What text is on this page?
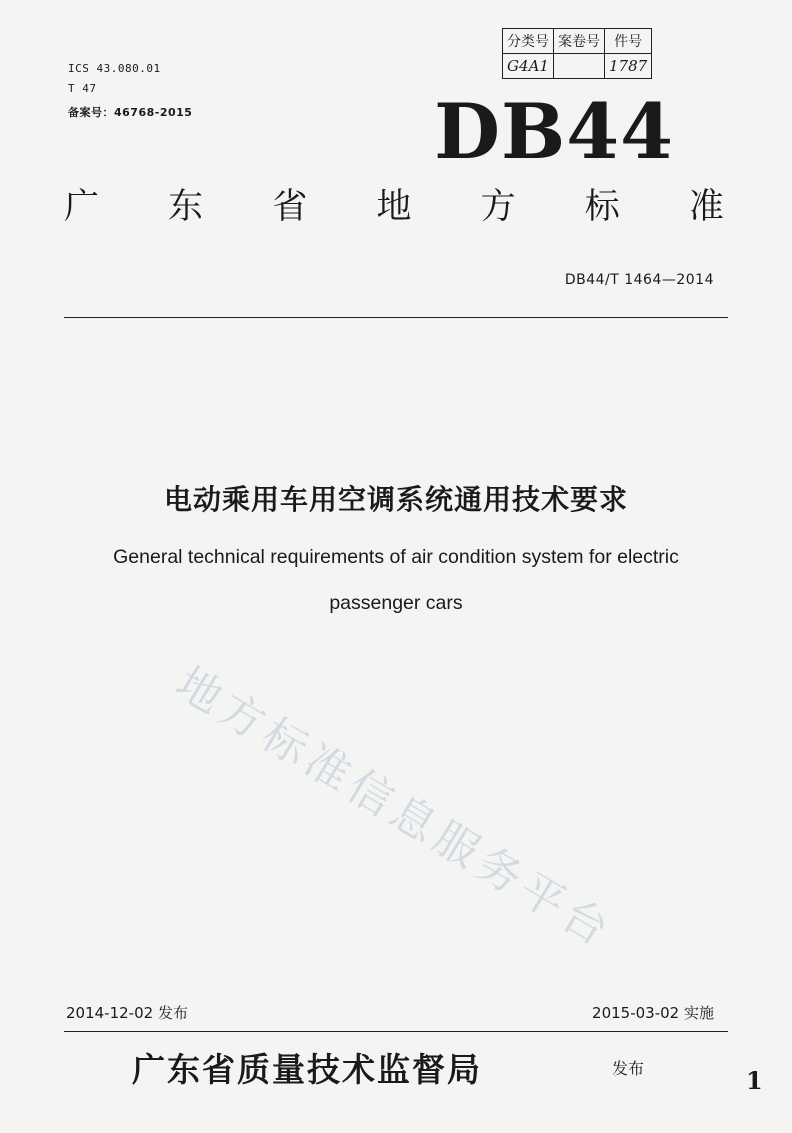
分类号	案卷号	件号
G4A1		1787
ICS 43.080.01
T 47
备案号：46768-2015	DB44
广 东 省 地 方 标 准
DB44/T 1464—2014
电动乘用车用空调系统通用技术要求
General technical requirements of air condition system for electric
passenger cars
地方标准信息服务平台
2014-12-02 发布	2015-03-02 实施
广东省质量技术监督局	发布	1
